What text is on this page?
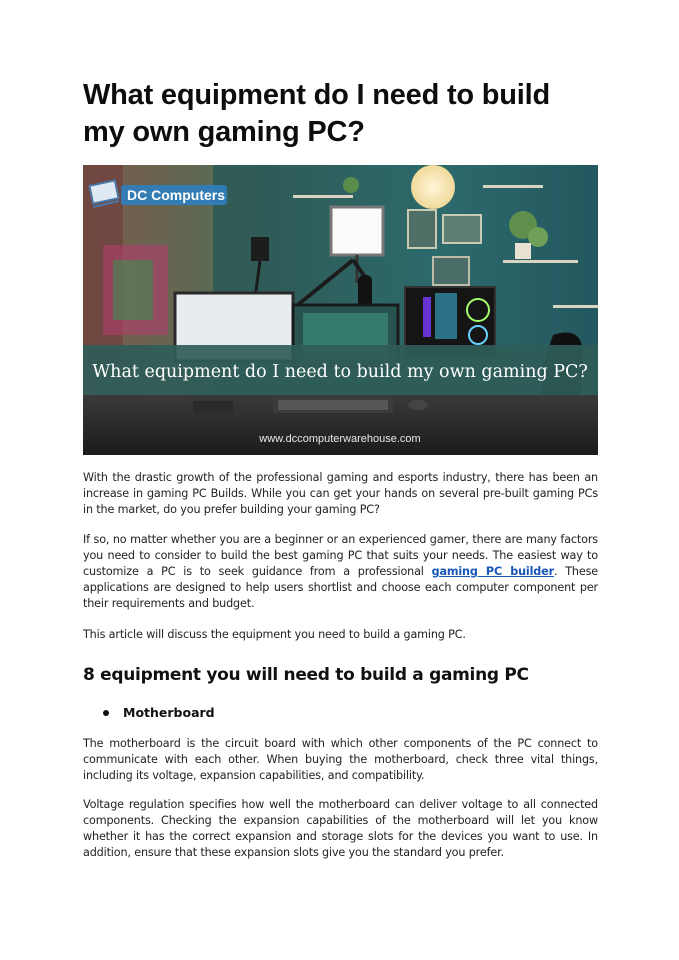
What equipment do I need to build my own gaming PC?
What equipment do I need to build my own gaming PC?
www.dccomputerwarehouse.com
DC Computers

With the drastic growth of the professional gaming and esports industry, there has been an increase in gaming PC Builds. While you can get your hands on several pre-built gaming PCs in the market, do you prefer building your gaming PC?

If so, no matter whether you are a beginner or an experienced gamer, there are many factors you need to consider to build the best gaming PC that suits your needs. The easiest way to customize a PC is to seek guidance from a professional gaming PC builder. These applications are designed to help users shortlist and choose each computer component per their requirements and budget.

This article will discuss the equipment you need to build a gaming PC.

8 equipment you will need to build a gaming PC
Motherboard

The motherboard is the circuit board with which other components of the PC connect to communicate with each other. When buying the motherboard, check three vital things, including its voltage, expansion capabilities, and compatibility.

Voltage regulation specifies how well the motherboard can deliver voltage to all connected components. Checking the expansion capabilities of the motherboard will let you know whether it has the correct expansion and storage slots for the devices you want to use. In addition, ensure that these expansion slots give you the standard you prefer.
